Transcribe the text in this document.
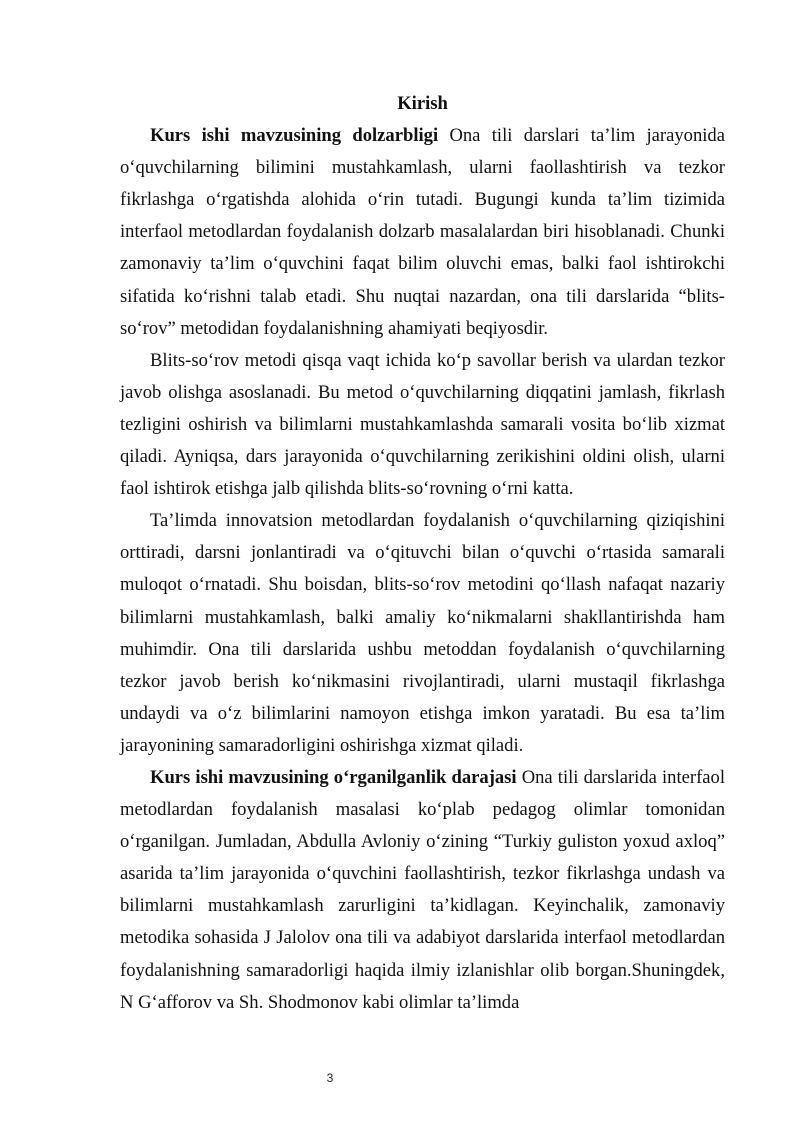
Kirish

Kurs ishi mavzusining dolzarbligi Ona tili darslari ta’lim jarayonida o‘quvchilarning bilimini mustahkamlash, ularni faollashtirish va tezkor fikrlashga o‘rgatishda alohida o‘rin tutadi. Bugungi kunda ta’lim tizimida interfaol metodlardan foydalanish dolzarb masalalardan biri hisoblanadi. Chunki zamonaviy ta’lim o‘quvchini faqat bilim oluvchi emas, balki faol ishtirokchi sifatida ko‘rishni talab etadi. Shu nuqtai nazardan, ona tili darslarida “blits-so‘rov” metodidan foydalanishning ahamiyati beqiyosdir.

Blits-so‘rov metodi qisqa vaqt ichida ko‘p savollar berish va ulardan tezkor javob olishga asoslanadi. Bu metod o‘quvchilarning diqqatini jamlash, fikrlash tezligini oshirish va bilimlarni mustahkamlashda samarali vosita bo‘lib xizmat qiladi. Ayniqsa, dars jarayonida o‘quvchilarning zerikishini oldini olish, ularni faol ishtirok etishga jalb qilishda blits-so‘rovning o‘rni katta.

Ta’limda innovatsion metodlardan foydalanish o‘quvchilarning qiziqishini orttiradi, darsni jonlantiradi va o‘qituvchi bilan o‘quvchi o‘rtasida samarali muloqot o‘rnatadi. Shu boisdan, blits-so‘rov metodini qo‘llash nafaqat nazariy bilimlarni mustahkamlash, balki amaliy ko‘nikmalarni shakllantirishda ham muhimdir. Ona tili darslarida ushbu metoddan foydalanish o‘quvchilarning tezkor javob berish ko‘nikmasini rivojlantiradi, ularni mustaqil fikrlashga undaydi va o‘z bilimlarini namoyon etishga imkon yaratadi. Bu esa ta’lim jarayonining samaradorligini oshirishga xizmat qiladi.

Kurs ishi mavzusining o‘rganilganlik darajasi Ona tili darslarida interfaol metodlardan foydalanish masalasi ko‘plab pedagog olimlar tomonidan o‘rganilgan. Jumladan, Abdulla Avloniy o‘zining “Turkiy guliston yoxud axloq” asarida ta’lim jarayonida o‘quvchini faollashtirish, tezkor fikrlashga undash va bilimlarni mustahkamlash zarurligini ta’kidlagan. Keyinchalik, zamonaviy metodika sohasida J Jalolov ona tili va adabiyot darslarida interfaol metodlardan foydalanishning samaradorligi haqida ilmiy izlanishlar olib borgan.Shuningdek, N G‘afforov va Sh. Shodmonov kabi olimlar ta’limda

3
